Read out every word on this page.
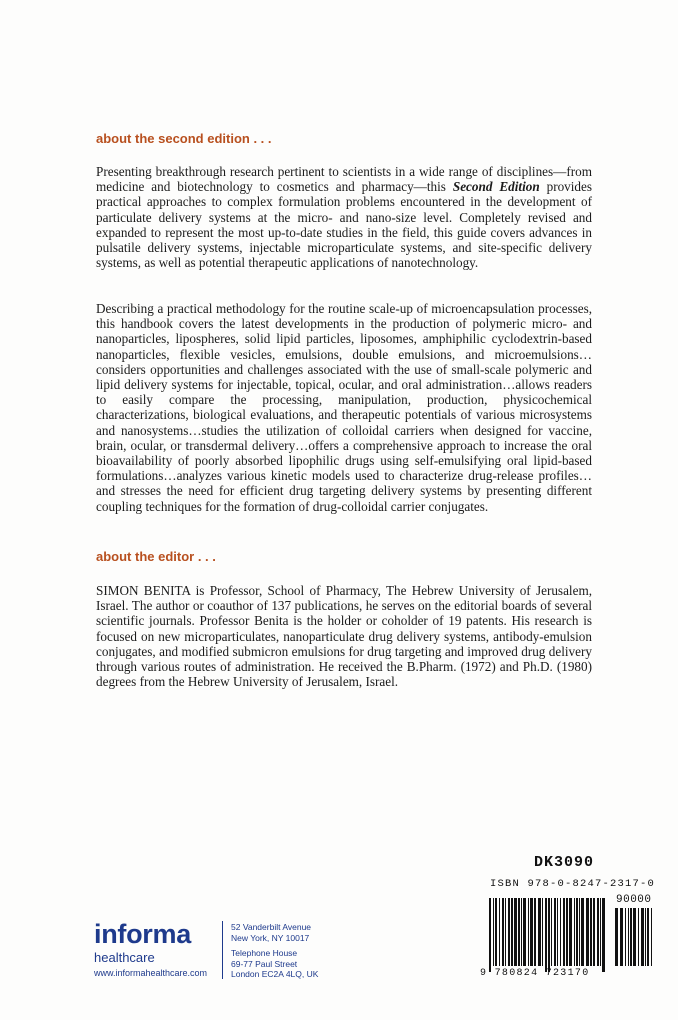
about the second edition . . .

Presenting breakthrough research pertinent to scientists in a wide range of disciplines—from medicine and biotechnology to cosmetics and pharmacy—this Second Edition provides practical approaches to complex formulation problems encountered in the development of particulate delivery systems at the micro- and nano-size level. Completely revised and expanded to represent the most up-to-date studies in the field, this guide covers advances in pulsatile delivery systems, injectable microparticulate systems, and site-specific delivery systems, as well as potential therapeutic applications of nanotechnology.

Describing a practical methodology for the routine scale-up of microencapsulation processes, this handbook covers the latest developments in the production of polymeric micro- and nanoparticles, lipospheres, solid lipid particles, liposomes, amphiphilic cyclodextrin-based nanoparticles, flexible vesicles, emulsions, double emulsions, and microemulsions…considers opportunities and challenges associated with the use of small-scale polymeric and lipid delivery systems for injectable, topical, ocular, and oral administration…allows readers to easily compare the processing, manipulation, production, physicochemical characterizations, biological evaluations, and therapeutic potentials of various microsystems and nanosystems…studies the utilization of colloidal carriers when designed for vaccine, brain, ocular, or transdermal delivery…offers a comprehensive approach to increase the oral bioavailability of poorly absorbed lipophilic drugs using self-emulsifying oral lipid-based formulations…analyzes various kinetic models used to characterize drug-release profiles…and stresses the need for efficient drug targeting delivery systems by presenting different coupling techniques for the formation of drug-colloidal carrier conjugates.

about the editor . . .

SIMON BENITA is Professor, School of Pharmacy, The Hebrew University of Jerusalem, Israel. The author or coauthor of 137 publications, he serves on the editorial boards of several scientific journals. Professor Benita is the holder or coholder of 19 patents. His research is focused on new microparticulates, nanoparticulate drug delivery systems, antibody-emulsion conjugates, and modified submicron emulsions for drug targeting and improved drug delivery through various routes of administration. He received the B.Pharm. (1972) and Ph.D. (1980) degrees from the Hebrew University of Jerusalem, Israel.

informa
healthcare
www.informahealthcare.com

52 Vanderbilt Avenue
New York, NY 10017

Telephone House
69-77 Paul Street
London EC2A 4LQ, UK

DK3090
ISBN 978-0-8247-2317-0
90000
9 780824 723170
